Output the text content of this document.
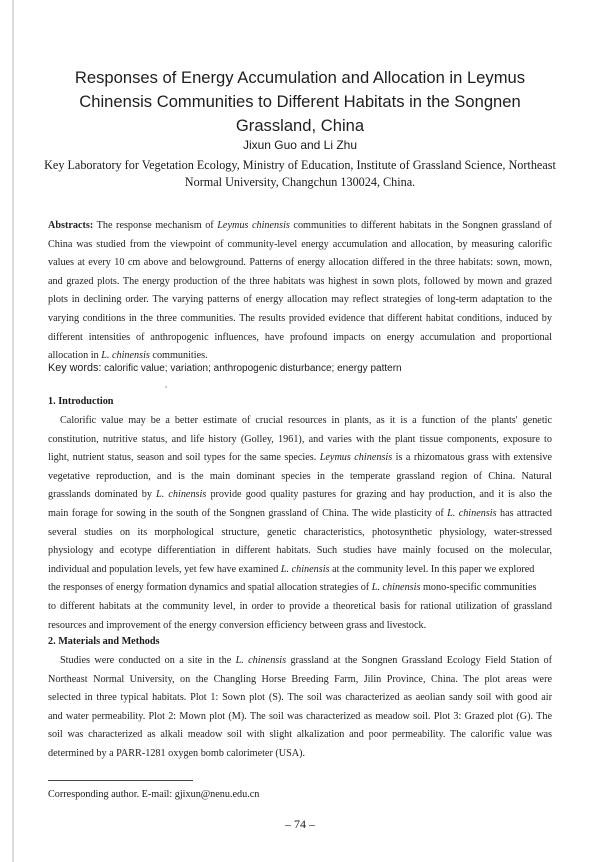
Responses of Energy Accumulation and Allocation in Leymus
Chinensis Communities to Different Habitats in the Songnen
Grassland, China
Jixun Guo and Li Zhu
Key Laboratory for Vegetation Ecology, Ministry of Education, Institute of Grassland Science, Northeast
Normal University, Changchun 130024, China.
Abstracts: The response mechanism of Leymus chinensis communities to different habitats in the Songnen grassland of
China was studied from the viewpoint of community-level energy accumulation and allocation, by measuring calorific
values at every 10 cm above and belowground. Patterns of energy allocation differed in the three habitats: sown, mown,
and grazed plots. The energy production of the three habitats was highest in sown plots, followed by mown and grazed
plots in declining order. The varying patterns of energy allocation may reflect strategies of long-term adaptation to the
varying conditions in the three communities. The results provided evidence that different habitat conditions, induced by
different intensities of anthropogenic influences, have profound impacts on energy accumulation and proportional
allocation in L. chinensis communities.
Key words: calorific value; variation; anthropogenic disturbance; energy pattern
1. Introduction
Calorific value may be a better estimate of crucial resources in plants, as it is a function of the plants' genetic
constitution, nutritive status, and life history (Golley, 1961), and varies with the plant tissue components, exposure to
light, nutrient status, season and soil types for the same species. Leymus chinensis is a rhizomatous grass with extensive
vegetative reproduction, and is the main dominant species in the temperate grassland region of China. Natural
grasslands dominated by L. chinensis provide good quality pastures for grazing and hay production, and it is also the
main forage for sowing in the south of the Songnen grassland of China. The wide plasticity of L. chinensis has attracted
several studies on its morphological structure, genetic characteristics, photosynthetic physiology, water-stressed
physiology and ecotype differentiation in different habitats. Such studies have mainly focused on the molecular,
individual and population levels, yet few have examined L. chinensis at the community level. In this paper we explored
the responses of energy formation dynamics and spatial allocation strategies of L. chinensis mono-specific communities
to different habitats at the community level, in order to provide a theoretical basis for rational utilization of grassland
resources and improvement of the energy conversion efficiency between grass and livestock.
2. Materials and Methods
Studies were conducted on a site in the L. chinensis grassland at the Songnen Grassland Ecology Field Station of
Northeast Normal University, on the Changling Horse Breeding Farm, Jilin Province, China. The plot areas were
selected in three typical habitats. Plot 1: Sown plot (S). The soil was characterized as aeolian sandy soil with good air
and water permeability. Plot 2: Mown plot (M). The soil was characterized as meadow soil. Plot 3: Grazed plot (G). The
soil was characterized as alkali meadow soil with slight alkalization and poor permeability. The calorific value was
determined by a PARR-1281 oxygen bomb calorimeter (USA).
Corresponding author. E-mail: gjixun@nenu.edu.cn
– 74 –
